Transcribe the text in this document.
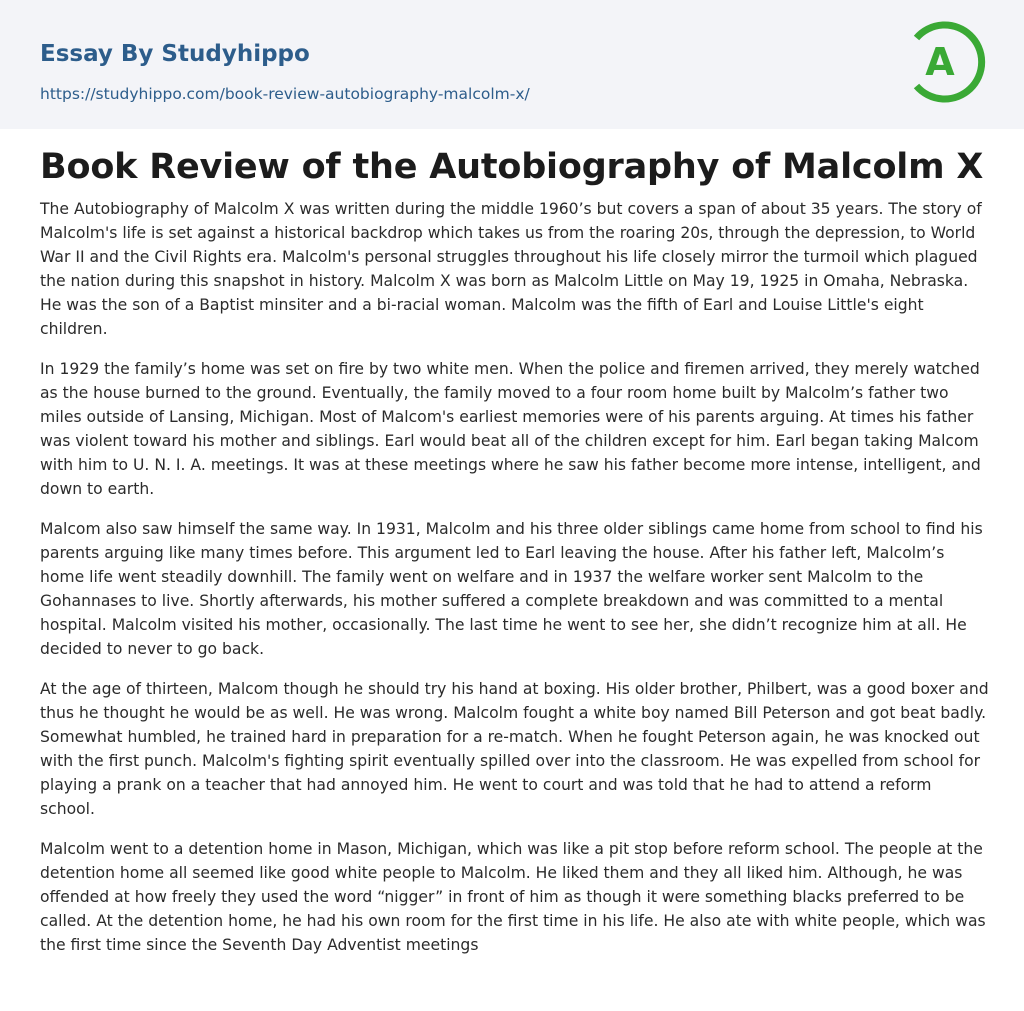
Essay By Studyhippo
https://studyhippo.com/book-review-autobiography-malcolm-x/
A
Book Review of the Autobiography of Malcolm X

The Autobiography of Malcolm X was written during the middle 1960’s but covers a span of about 35 years. The story of Malcolm's life is set against a historical backdrop which takes us from the roaring 20s, through the depression, to World War II and the Civil Rights era. Malcolm's personal struggles throughout his life closely mirror the turmoil which plagued the nation during this snapshot in history. Malcolm X was born as Malcolm Little on May 19, 1925 in Omaha, Nebraska. He was the son of a Baptist minsiter and a bi-racial woman. Malcolm was the fifth of Earl and Louise Little's eight children.

In 1929 the family’s home was set on fire by two white men. When the police and firemen arrived, they merely watched as the house burned to the ground. Eventually, the family moved to a four room home built by Malcolm’s father two miles outside of Lansing, Michigan. Most of Malcom's earliest memories were of his parents arguing. At times his father was violent toward his mother and siblings. Earl would beat all of the children except for him. Earl began taking Malcom with him to U. N. I. A. meetings. It was at these meetings where he saw his father become more intense, intelligent, and down to earth.

Malcom also saw himself the same way. In 1931, Malcolm and his three older siblings came home from school to find his parents arguing like many times before. This argument led to Earl leaving the house. After his father left, Malcolm’s home life went steadily downhill. The family went on welfare and in 1937 the welfare worker sent Malcolm to the Gohannases to live. Shortly afterwards, his mother suffered a complete breakdown and was committed to a mental hospital. Malcolm visited his mother, occasionally. The last time he went to see her, she didn’t recognize him at all. He decided to never to go back.

At the age of thirteen, Malcom though he should try his hand at boxing. His older brother, Philbert, was a good boxer and thus he thought he would be as well. He was wrong. Malcolm fought a white boy named Bill Peterson and got beat badly. Somewhat humbled, he trained hard in preparation for a re-match. When he fought Peterson again, he was knocked out with the first punch. Malcolm's fighting spirit eventually spilled over into the classroom. He was expelled from school for playing a prank on a teacher that had annoyed him. He went to court and was told that he had to attend a reform school.

Malcolm went to a detention home in Mason, Michigan, which was like a pit stop before reform school. The people at the detention home all seemed like good white people to Malcolm. He liked them and they all liked him. Although, he was offended at how freely they used the word “nigger” in front of him as though it were something blacks preferred to be called. At the detention home, he had his own room for the first time in his life. He also ate with white people, which was the first time since the Seventh Day Adventist meetings
